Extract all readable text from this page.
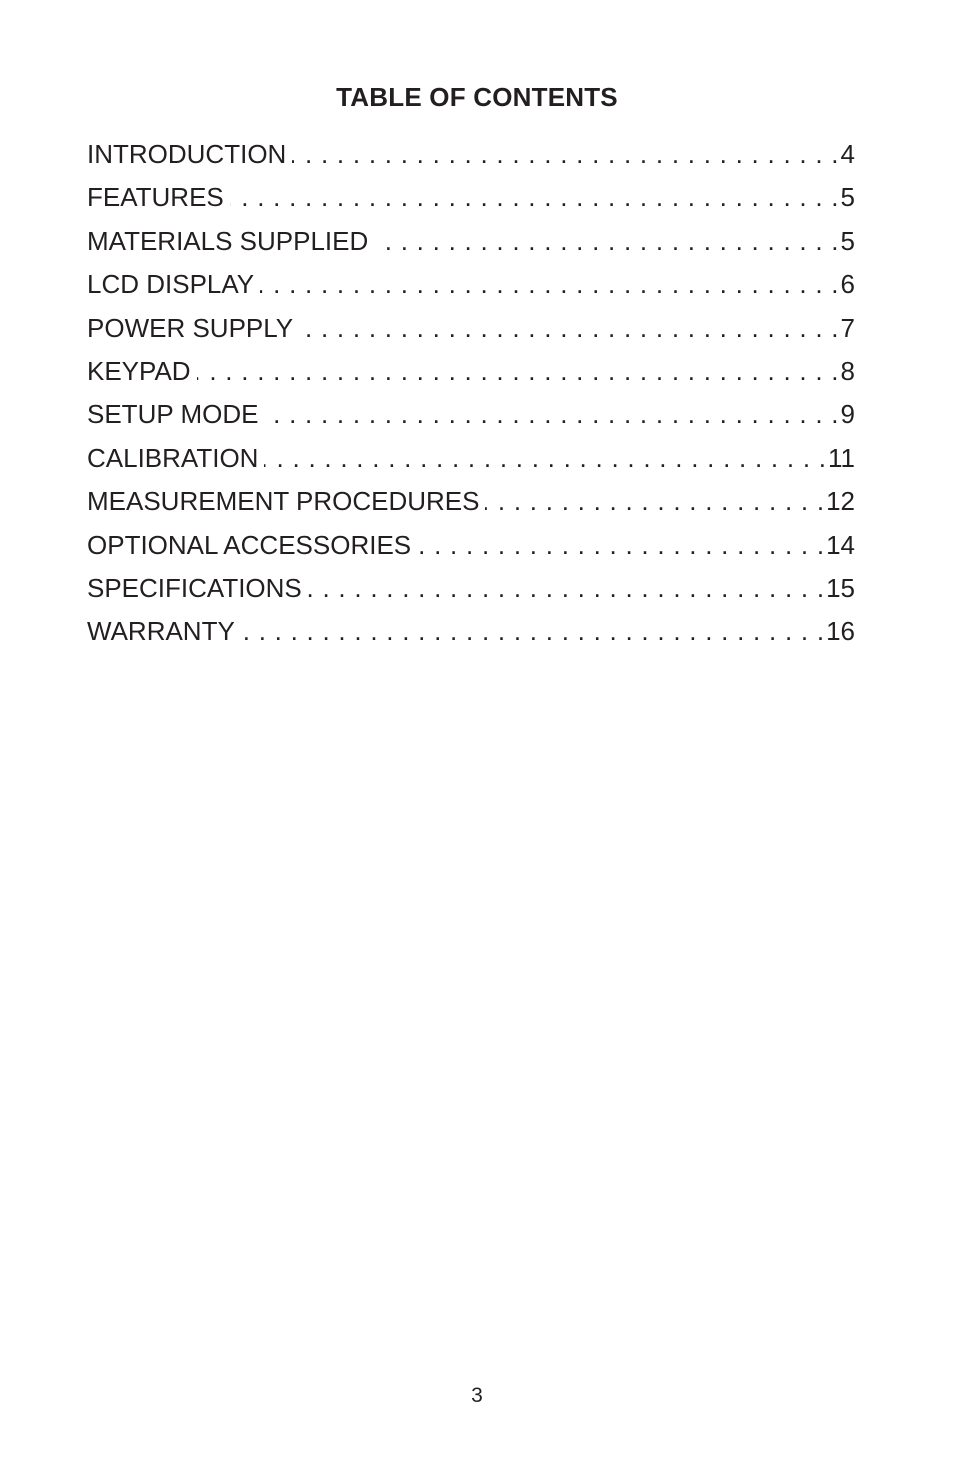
TABLE OF CONTENTS
INTRODUCTION . . .	4
FEATURES . . .	5
MATERIALS SUPPLIED . . .	5
LCD DISPLAY . . .	6
POWER SUPPLY . . .	7
KEYPAD . . .	8
SETUP MODE . . .	9
CALIBRATION . . .	11
MEASUREMENT PROCEDURES . . .	12
OPTIONAL ACCESSORIES . . .	14
SPECIFICATIONS . . .	15
WARRANTY . . .	16
3
